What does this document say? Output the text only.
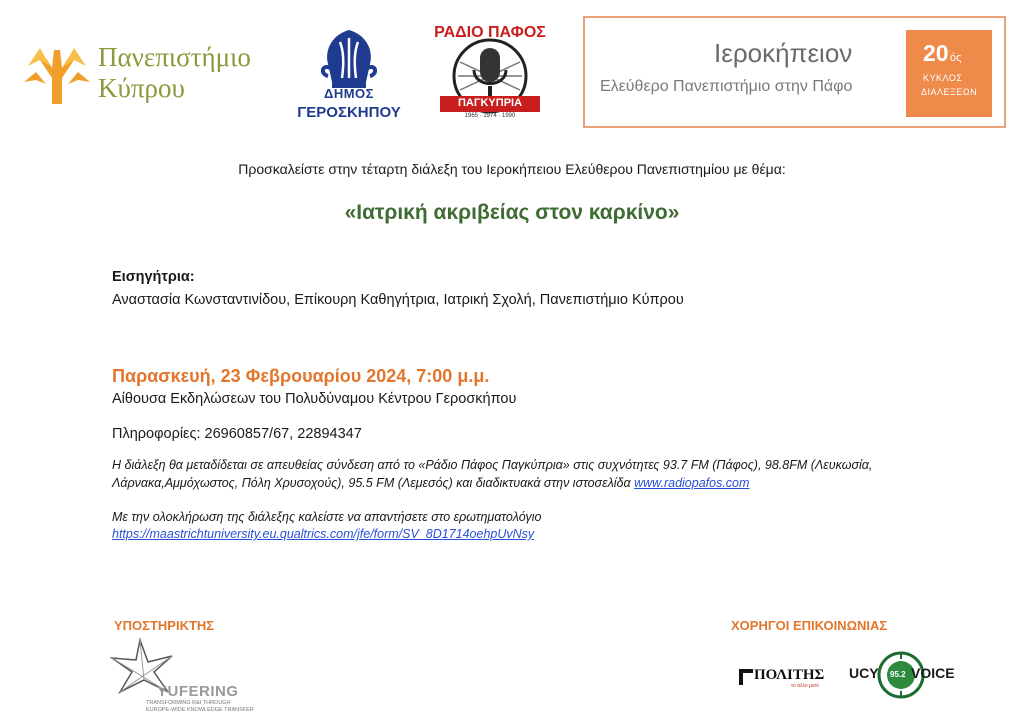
Πανεπιστήμιο
Κύπρου	ΔΗΜΟΣ
ΓΕΡΟΣΚΗΠΟΥ
ΡΑΔΙΟ ΠΑΦΟΣ
ΠΑΓΚΥΠΡΙΑ
1965 · 1974 · 1990
Ιεροκήπειον
Ελεύθερο Πανεπιστήμιο στην Πάφο
20 ός
ΚΥΚΛΟΣ
ΔΙΑΛΕΞΕΩΝ
Προσκαλείστε στην τέταρτη διάλεξη του Ιεροκήπειου Ελεύθερου Πανεπιστημίου με θέμα:
«Ιατρική ακριβείας στον καρκίνο»
Εισηγήτρια:
Αναστασία Κωνσταντινίδου, Επίκουρη Καθηγήτρια, Ιατρική Σχολή, Πανεπιστήμιο Κύπρου
Παρασκευή, 23 Φεβρουαρίου 2024, 7:00 μ.μ.
Αίθουσα Εκδηλώσεων του Πολυδύναμου Κέντρου Γεροσκήπου
Πληροφορίες: 26960857/67, 22894347
Η διάλεξη θα μεταδίδεται σε απευθείας σύνδεση από το «Ράδιο Πάφος Παγκύπρια» στις συχνότητες 93.7 FM (Πάφος), 98.8FM (Λευκωσία,
Λάρνακα,Αμμόχωστος, Πόλη Χρυσοχούς), 95.5 FM (Λεμεσός) και διαδικτυακά στην ιστοσελίδα www.radiopafos.com
Με την ολοκλήρωση της διάλεξης καλείστε να απαντήσετε στο ερωτηματολόγιο
https://maastrichtuniversity.eu.qualtrics.com/jfe/form/SV_8D1714oehpUvNsy
ΥΠΟΣΤΗΡΙΚΤΗΣ
YUFERING
TRANSFORMING R&I THROUGH
EUROPE-WIDE KNOWLEDGE TRANSFER
ΧΟΡΗΓΟΙ ΕΠΙΚΟΙΝΩΝΙΑΣ
ΠΟΛΙΤΗΣ
το άλλο μισό
UCY 95.2 VOICE
